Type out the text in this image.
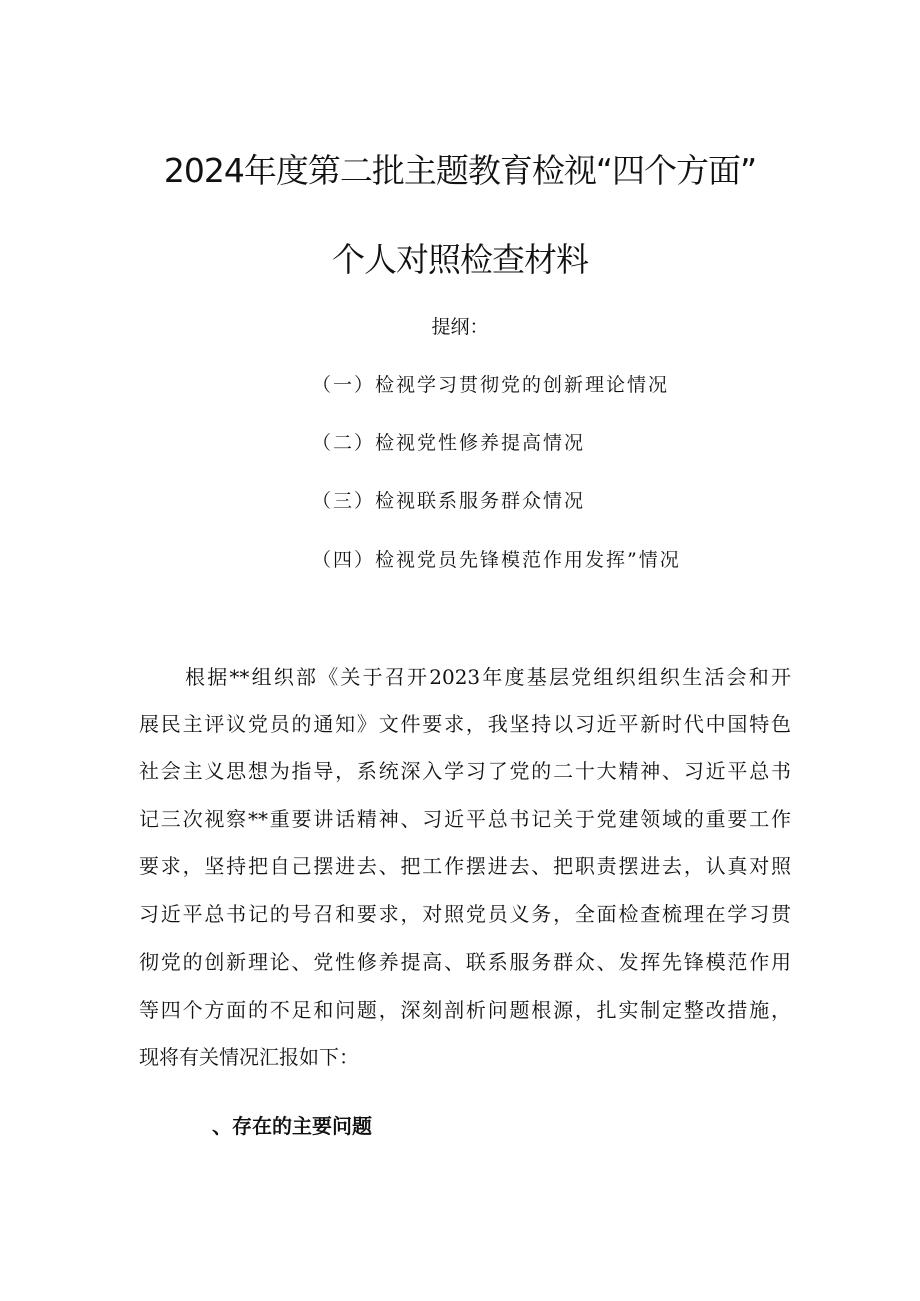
2024年度第二批主题教育检视“四个方面”
个人对照检查材料
提纲：
（一）检视学习贯彻党的创新理论情况
（二）检视党性修养提高情况
（三）检视联系服务群众情况
（四）检视党员先锋模范作用发挥”情况
根据**组织部《关于召开2023年度基层党组织组织生活会和开
展民主评议党员的通知》文件要求，我坚持以习近平新时代中国特色
社会主义思想为指导，系统深入学习了党的二十大精神、习近平总书
记三次视察**重要讲话精神、习近平总书记关于党建领域的重要工作
要求，坚持把自己摆进去、把工作摆进去、把职责摆进去，认真对照
习近平总书记的号召和要求，对照党员义务，全面检查梳理在学习贯
彻党的创新理论、党性修养提高、联系服务群众、发挥先锋模范作用
等四个方面的不足和问题，深刻剖析问题根源，扎实制定整改措施，
现将有关情况汇报如下：
、存在的主要问题
